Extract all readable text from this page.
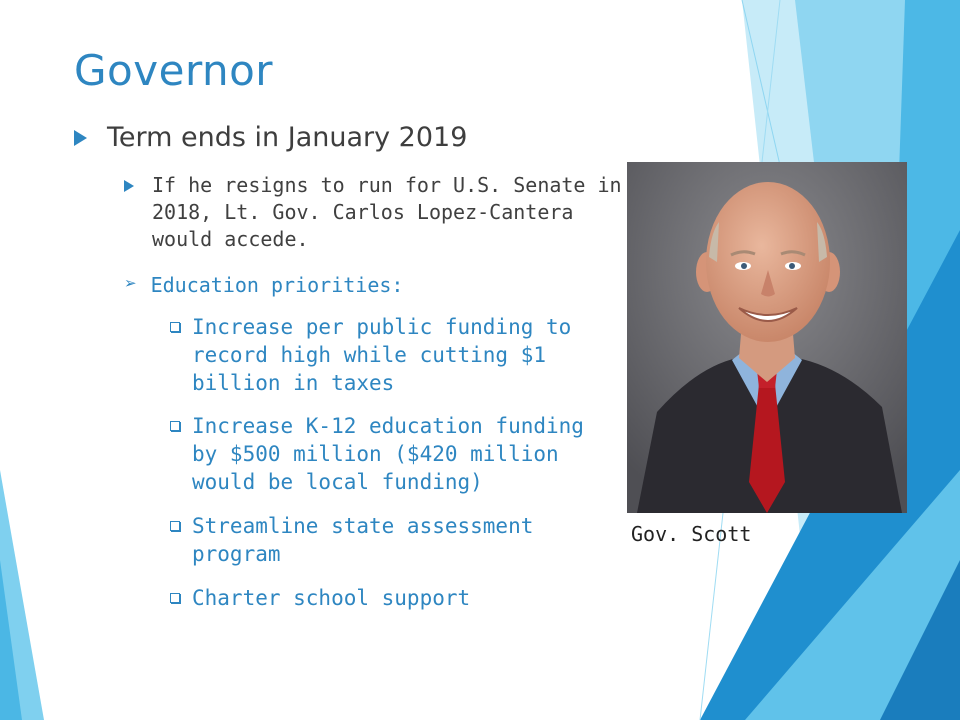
Governor
Term ends in January 2019
If he resigns to run for U.S. Senate in
2018, Lt. Gov. Carlos Lopez-Cantera
would accede.
➢ Education priorities:
Increase per public funding to
record high while cutting $1
billion in taxes
Increase K-12 education funding
by $500 million ($420 million
would be local funding)
Streamline state assessment
program
Charter school support
Gov. Scott
